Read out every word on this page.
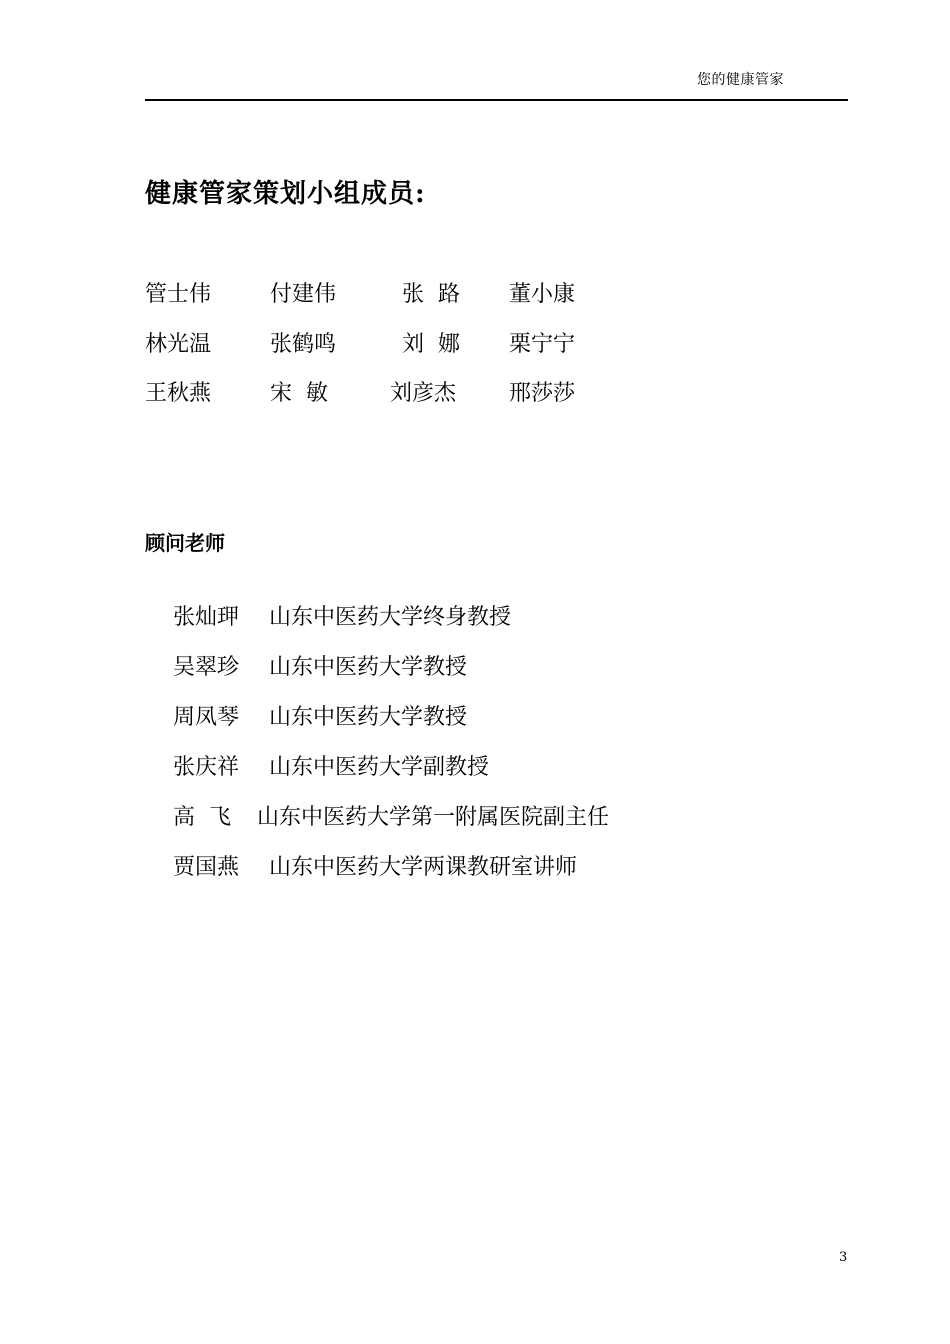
您的健康管家
健康管家策划小组成员:
管士伟	付建伟	张  路 董小康
林光温	张鹤鸣	刘  娜 栗宁宁
王秋燕	宋  敏	刘彦杰 邢莎莎
顾问老师

张灿玾 山东中医药大学终身教授

吴翠珍 山东中医药大学教授

周凤琴 山东中医药大学教授

张庆祥 山东中医药大学副教授

高  飞 山东中医药大学第一附属医院副主任

贾国燕 山东中医药大学两课教研室讲师

3
